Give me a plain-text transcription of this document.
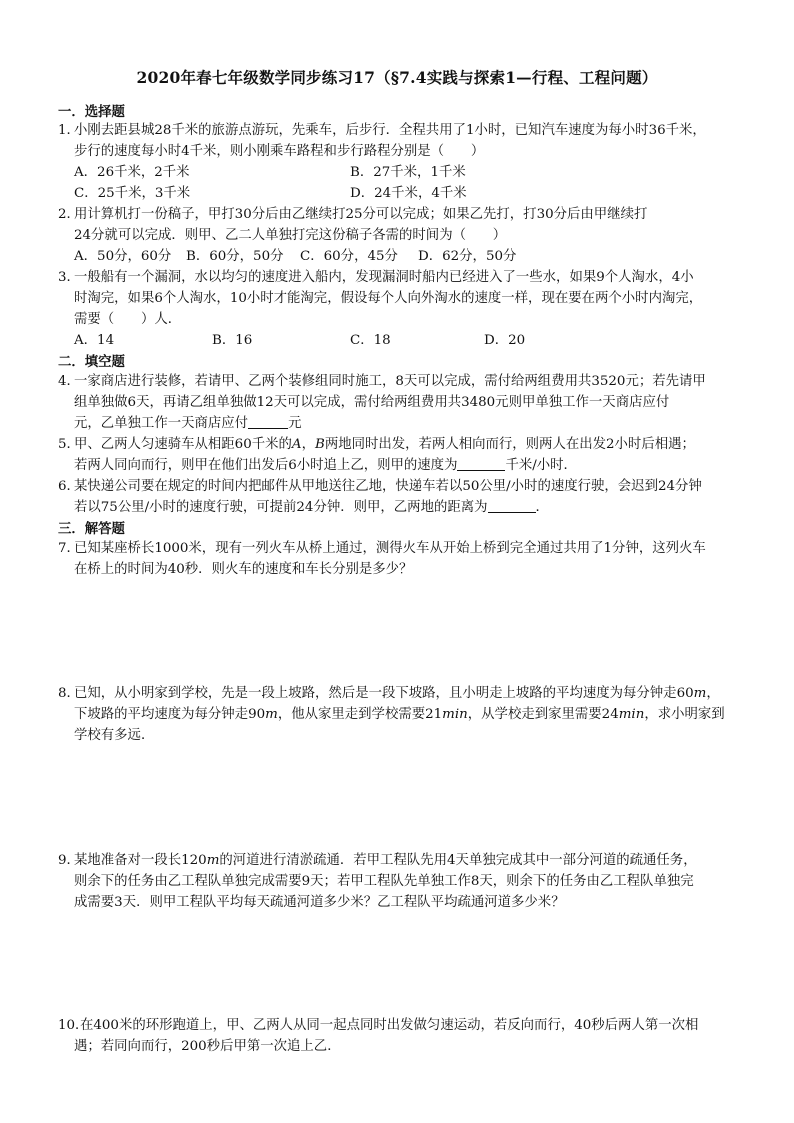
2020年春七年级数学同步练习17（§7.4实践与探索1—行程、工程问题）
一．选择题
1．小刚去距县城28千米的旅游点游玩，先乘车，后步行．全程共用了1小时，已知汽车速度为每小时36千米，
步行的速度每小时4千米，则小刚乘车路程和步行路程分别是（　　）
A．26千米，2千米	B．27千米，1千米
C．25千米，3千米	D．24千米，4千米
2．用计算机打一份稿子，甲打30分后由乙继续打25分可以完成；如果乙先打，打30分后由甲继续打
24分就可以完成．则甲、乙二人单独打完这份稿子各需的时间为（　　）
A．50分，60分 B．60分，50分 C．60分，45分 D．62分，50分
3．一般船有一个漏洞，水以均匀的速度进入船内，发现漏洞时船内已经进入了一些水，如果9个人淘水，4小
时淘完，如果6个人淘水，10小时才能淘完，假设每个人向外淘水的速度一样，现在要在两个小时内淘完，
需要（　　）人．
A．14	B．16	C．18	D．20
二．填空题
4．一家商店进行装修，若请甲、乙两个装修组同时施工，8天可以完成，需付给两组费用共3520元；若先请甲
组单独做6天，再请乙组单独做12天可以完成，需付给两组费用共3480元则甲单独工作一天商店应付
元，乙单独工作一天商店应付	元
5．甲、乙两人匀速骑车从相距60千米的A，B两地同时出发，若两人相向而行，则两人在出发2小时后相遇；
若两人同向而行，则甲在他们出发后6小时追上乙，则甲的速度为	千米/小时．
6．某快递公司要在规定的时间内把邮件从甲地送往乙地，快递车若以50公里/小时的速度行驶，会迟到24分钟
若以75公里/小时的速度行驶，可提前24分钟．则甲，乙两地的距离为	．
三．解答题
7．已知某座桥长1000米，现有一列火车从桥上通过，测得火车从开始上桥到完全通过共用了1分钟，这列火车
在桥上的时间为40秒．则火车的速度和车长分别是多少？
8．已知，从小明家到学校，先是一段上坡路，然后是一段下坡路，且小明走上坡路的平均速度为每分钟走60m，
下坡路的平均速度为每分钟走90m，他从家里走到学校需要21min，从学校走到家里需要24min，求小明家到
学校有多远．
9．某地准备对一段长120m的河道进行清淤疏通．若甲工程队先用4天单独完成其中一部分河道的疏通任务，
则余下的任务由乙工程队单独完成需要9天；若甲工程队先单独工作8天，则余下的任务由乙工程队单独完
成需要3天．则甲工程队平均每天疏通河道多少米？乙工程队平均疏通河道多少米？
10．在400米的环形跑道上，甲、乙两人从同一起点同时出发做匀速运动，若反向而行，40秒后两人第一次相
遇；若同向而行，200秒后甲第一次追上乙．
